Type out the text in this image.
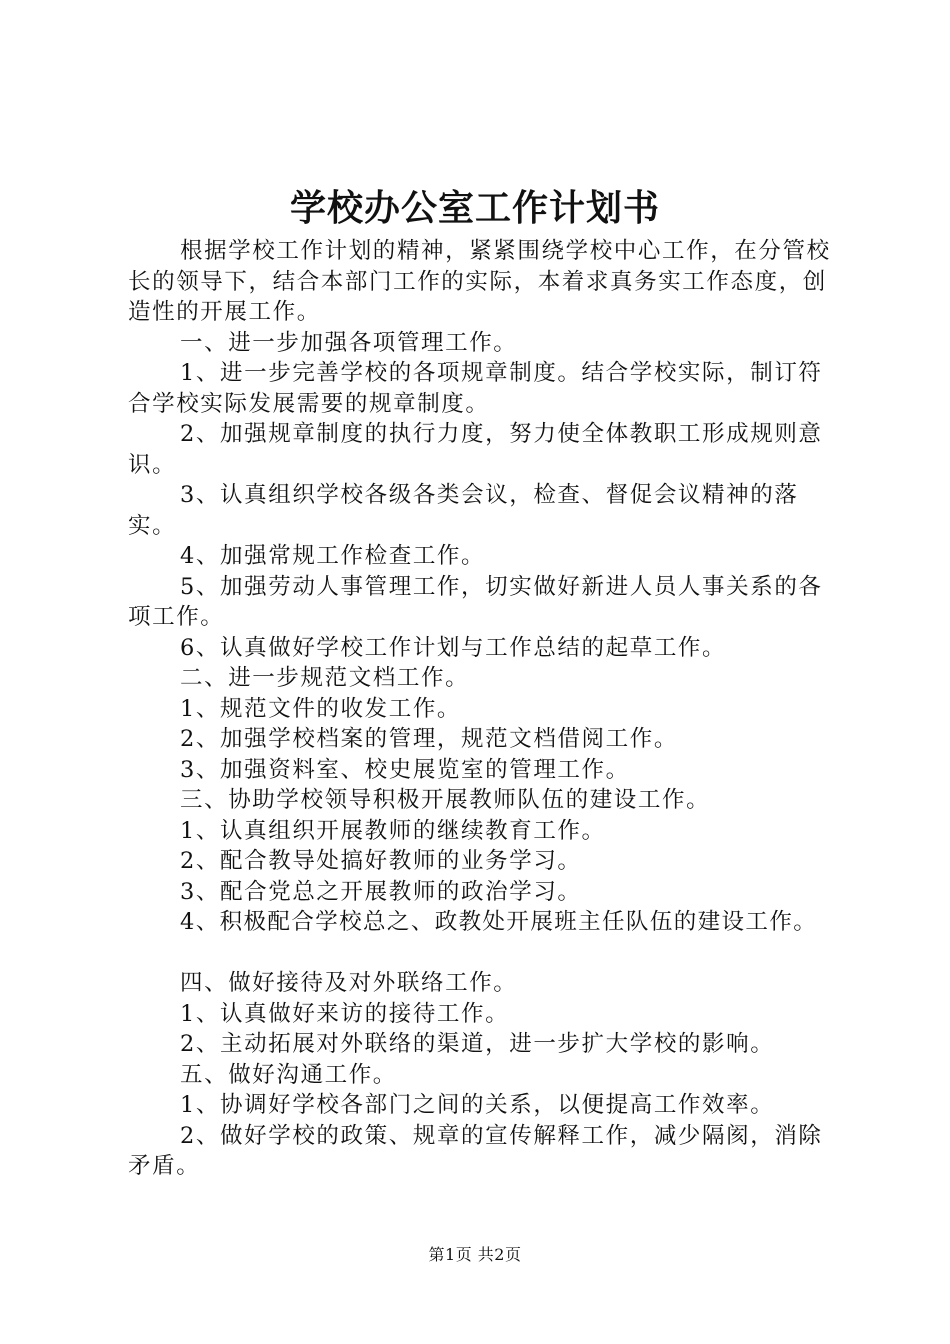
学校办公室工作计划书

根据学校工作计划的精神，紧紧围绕学校中心工作，在分管校长的领导下，结合本部门工作的实际，本着求真务实工作态度，创造性的开展工作。

一、进一步加强各项管理工作。

1、进一步完善学校的各项规章制度。结合学校实际，制订符合学校实际发展需要的规章制度。

2、加强规章制度的执行力度，努力使全体教职工形成规则意识。

3、认真组织学校各级各类会议，检查、督促会议精神的落实。

4、加强常规工作检查工作。

5、加强劳动人事管理工作，切实做好新进人员人事关系的各项工作。

6、认真做好学校工作计划与工作总结的起草工作。

二、进一步规范文档工作。

1、规范文件的收发工作。

2、加强学校档案的管理，规范文档借阅工作。

3、加强资料室、校史展览室的管理工作。

三、协助学校领导积极开展教师队伍的建设工作。

1、认真组织开展教师的继续教育工作。

2、配合教导处搞好教师的业务学习。

3、配合党总之开展教师的政治学习。

4、积极配合学校总之、政教处开展班主任队伍的建设工作。

四、做好接待及对外联络工作。

1、认真做好来访的接待工作。

2、主动拓展对外联络的渠道，进一步扩大学校的影响。

五、做好沟通工作。

1、协调好学校各部门之间的关系，以便提高工作效率。

2、做好学校的政策、规章的宣传解释工作，减少隔阂，消除矛盾。

第1页 共2页
